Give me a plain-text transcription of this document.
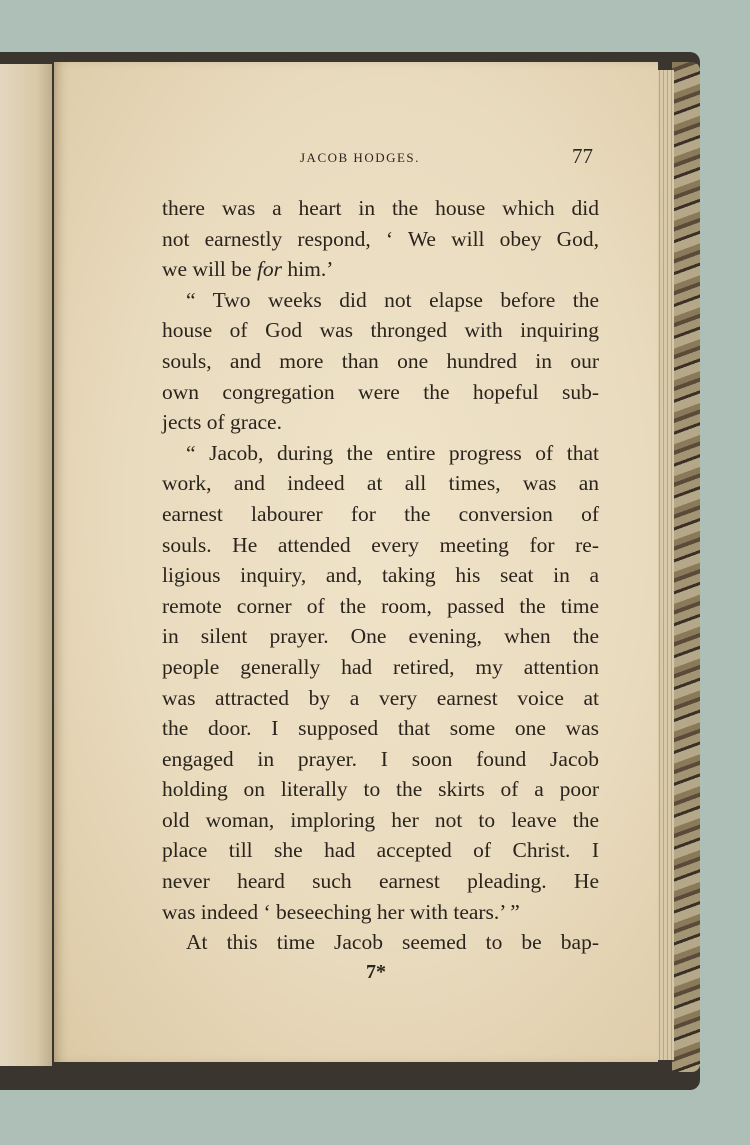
JACOB HODGES.	77
there was a heart in the house which did
not earnestly respond, ‘ We will obey God,
we will be for him.’
“ Two weeks did not elapse before the
house of God was thronged with inquiring
souls, and more than one hundred in our
own congregation were the hopeful sub-
jects of grace.
“ Jacob, during the entire progress of that
work, and indeed at all times, was an
earnest labourer for the conversion of
souls. He attended every meeting for re-
ligious inquiry, and, taking his seat in a
remote corner of the room, passed the time
in silent prayer. One evening, when the
people generally had retired, my attention
was attracted by a very earnest voice at
the door. I supposed that some one was
engaged in prayer. I soon found Jacob
holding on literally to the skirts of a poor
old woman, imploring her not to leave the
place till she had accepted of Christ. I
never heard such earnest pleading. He
was indeed ‘ beseeching her with tears.’ ”
At this time Jacob seemed to be bap-
7*
